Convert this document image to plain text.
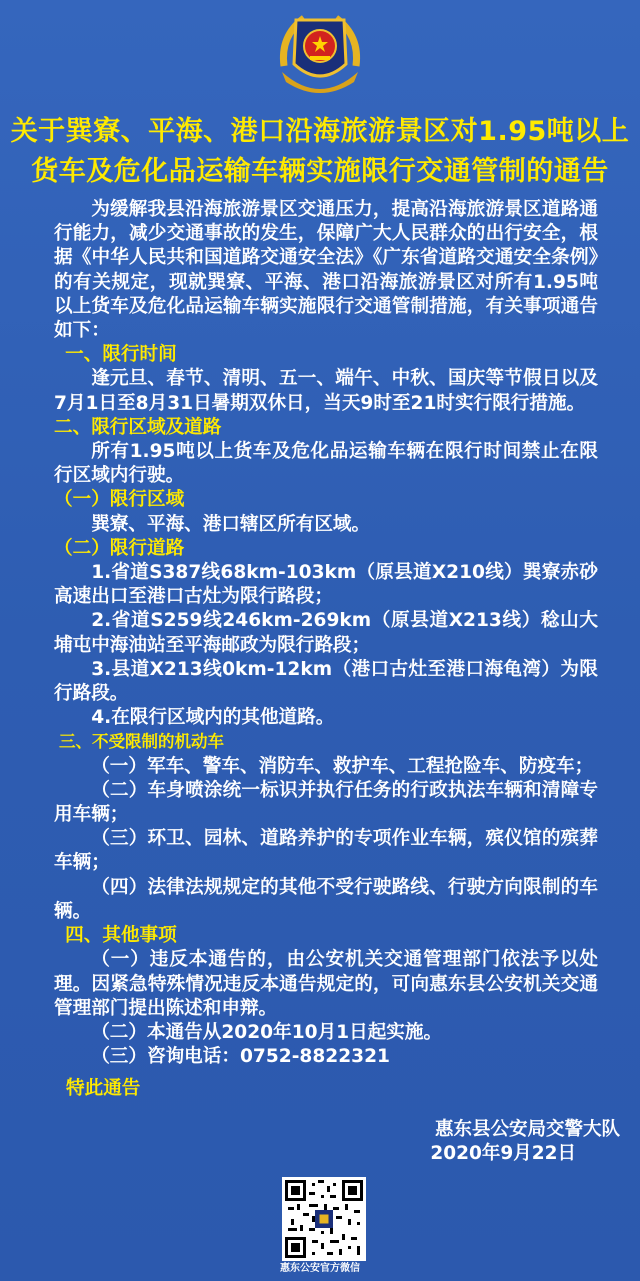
关于巽寮、平海、港口沿海旅游景区对1.95吨以上
货车及危化品运输车辆实施限行交通管制的通告

为缓解我县沿海旅游景区交通压力，提高沿海旅游景区道路通行能力，减少交通事故的发生，保障广大人民群众的出行安全，根据《中华人民共和国道路交通安全法》《广东省道路交通安全条例》的有关规定，现就巽寮、平海、港口沿海旅游景区对所有1.95吨以上货车及危化品运输车辆实施限行交通管制措施，有关事项通告如下：

一、限行时间

逢元旦、春节、清明、五一、端午、中秋、国庆等节假日以及7月1日至8月31日暑期双休日，当天9时至21时实行限行措施。

二、限行区域及道路

所有1.95吨以上货车及危化品运输车辆在限行时间禁止在限行区域内行驶。

（一）限行区域

巽寮、平海、港口辖区所有区域。

（二）限行道路

1.省道S387线68km-103km（原县道X210线）巽寮赤砂高速出口至港口古灶为限行路段；

2.省道S259线246km-269km（原县道X213线）稔山大埔屯中海油站至平海邮政为限行路段；

3.县道X213线0km-12km（港口古灶至港口海龟湾）为限行路段。

4.在限行区域内的其他道路。

三、不受限制的机动车

（一）军车、警车、消防车、救护车、工程抢险车、防疫车；

（二）车身喷涂统一标识并执行任务的行政执法车辆和清障专用车辆；

（三）环卫、园林、道路养护的专项作业车辆，殡仪馆的殡葬车辆；

（四）法律法规规定的其他不受行驶路线、行驶方向限制的车辆。

四、其他事项

（一）违反本通告的，由公安机关交通管理部门依法予以处理。因紧急特殊情况违反本通告规定的，可向惠东县公安机关交通管理部门提出陈述和申辩。

（二）本通告从2020年10月1日起实施。

（三）咨询电话：0752-8822321

特此通告

惠东县公安局交警大队
2020年9月22日
惠东公安官方微信
